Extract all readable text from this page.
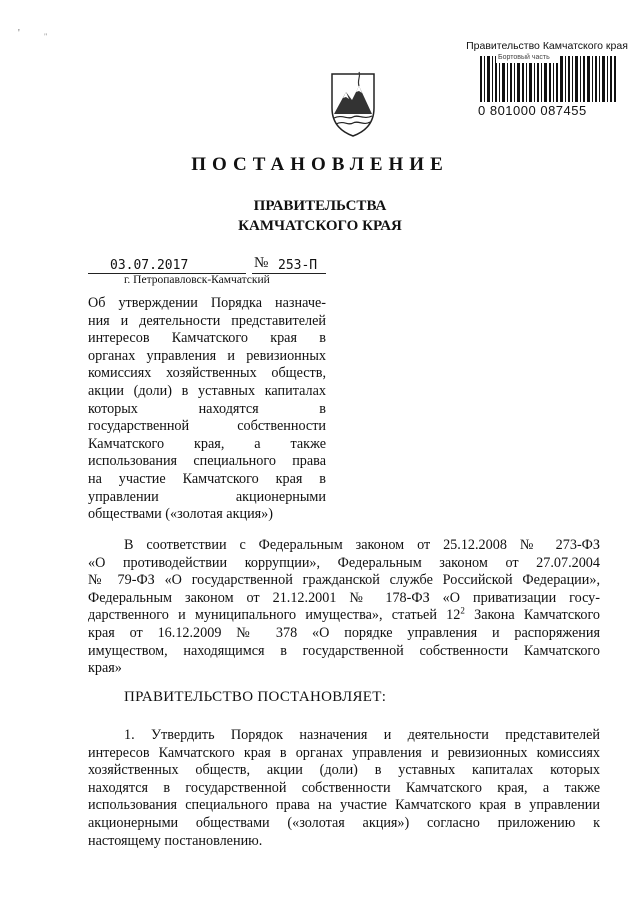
'	"
Правительство Камчатского края
Бортовый часть
0 801000 087455
ПОСТАНОВЛЕНИЕ
ПРАВИТЕЛЬСТВА
КАМЧАТСКОГО КРАЯ
03.07.2017	№ 253-П
г. Петропавловск-Камчатский
Об утверждении Порядка назначе-
ния и деятельности представителей
интересов Камчатского края в
органах управления и ревизионных
комиссиях хозяйственных обществ,
акции (доли) в уставных капиталах
которых находятся в
государственной собственности
Камчатского края, а также
использования специального права
на участие Камчатского края в
управлении акционерными
обществами («золотая акция»)
В соответствии с Федеральным законом от 25.12.2008 № 273-ФЗ
«О противодействии коррупции», Федеральным законом от 27.07.2004
№ 79-ФЗ «О государственной гражданской службе Российской Федерации»,
Федеральным законом от 21.12.2001 № 178-ФЗ «О приватизации госу-
дарственного и муниципального имущества», статьей $12^2$ Закона Камчатского
края от 16.12.2009 № 378 «О порядке управления и распоряжения
имуществом, находящимся в государственной собственности Камчатского
края»
ПРАВИТЕЛЬСТВО ПОСТАНОВЛЯЕТ:
1. Утвердить Порядок назначения и деятельности представителей
интересов Камчатского края в органах управления и ревизионных комиссиях
хозяйственных обществ, акции (доли) в уставных капиталах которых
находятся в государственной собственности Камчатского края, а также
использования специального права на участие Камчатского края в управлении
акционерными обществами («золотая акция») согласно приложению к
настоящему постановлению.
